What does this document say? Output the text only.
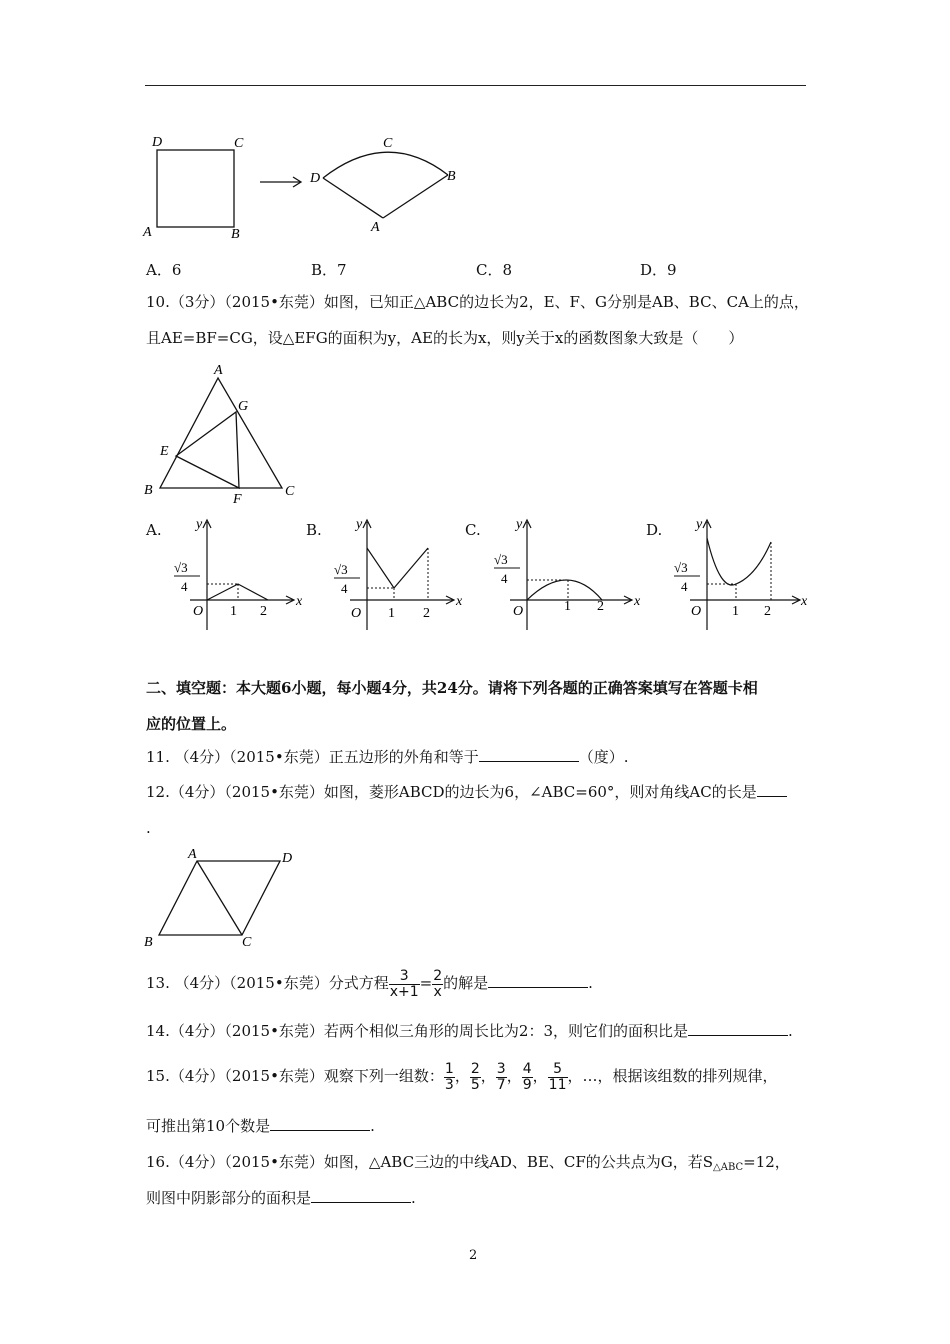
D	C
A	B
D
C
A
B
A．6	B．7	C．8	D．9
10.（3分）（2015•东莞）如图，已知正△ABC的边长为2，E、F、G分别是AB、BC、CA上的点，
且AE=BF=CG，设△EFG的面积为y，AE的长为x，则y关于x的函数图象大致是（　　）
A
G
E
B
F
C
A.	B.	C.	D.
y
x
O 1 2
√3
4
y
x
O 1 2
√3
4
y
x
O	1 2
√3
4
y
x
O 1 2
√3
4
二、填空题：本大题6小题，每小题4分，共24分。请将下列各题的正确答案填写在答题卡相
应的位置上。
11. （4分）（2015•东莞）正五边形的外角和等于	（度）.
12.（4分）（2015•东莞）如图，菱形ABCD的边长为6，∠ABC=60°，则对角线AC的长是
.
A	D
B	C
13. （4分）（2015•东莞）分式方程 $\frac{3}{x+1} = \frac{2}{x}$ 的解是	.
14.（4分）（2015•东莞）若两个相似三角形的周长比为2：3，则它们的面积比是	.
15.（4分）（2015•东莞）观察下列一组数： $\frac{1}{3}$ ， $\frac{2}{5}$ ， $\frac{3}{7}$ ， $\frac{4}{9}$ ， $\frac{5}{11}$ ，…，根据该组数的排列规律，
可推出第10个数是	.
16.（4分）（2015•东莞）如图，△ABC三边的中线AD、BE、CF的公共点为G，若$S_{\triangle ABC}=12$，
则图中阴影部分的面积是	.
2
